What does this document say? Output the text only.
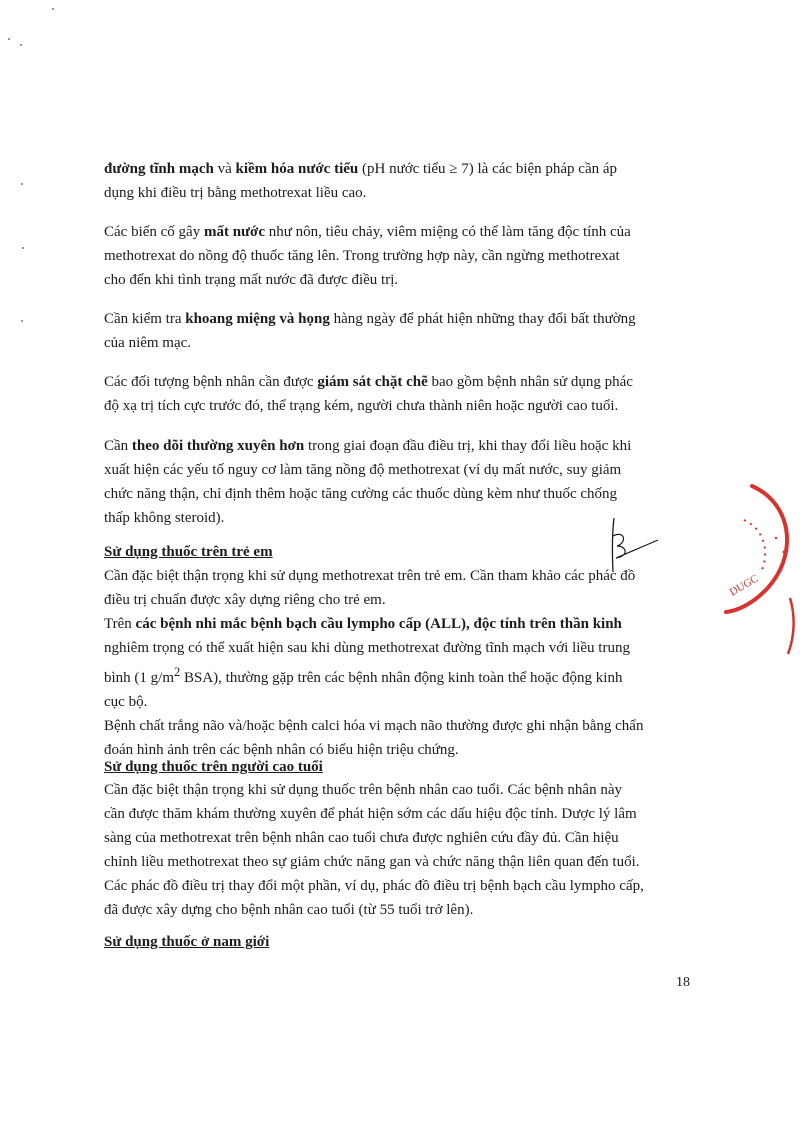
đường tĩnh mạch và kiềm hóa nước tiểu (pH nước tiểu ≥ 7) là các biện pháp cần áp
dụng khi điều trị bằng methotrexat liều cao.
Các biến cố gây mất nước như nôn, tiêu chảy, viêm miệng có thể làm tăng độc tính của
methotrexat do nồng độ thuốc tăng lên. Trong trường hợp này, cần ngừng methotrexat
cho đến khi tình trạng mất nước đã được điều trị.
Cần kiểm tra khoang miệng và họng hàng ngày để phát hiện những thay đổi bất thường
của niêm mạc.
Các đối tượng bệnh nhân cần được giám sát chặt chẽ bao gồm bệnh nhân sử dụng phác
độ xạ trị tích cực trước đó, thể trạng kém, người chưa thành niên hoặc người cao tuổi.
Cần theo dõi thường xuyên hơn trong giai đoạn đầu điều trị, khi thay đổi liều hoặc khi
xuất hiện các yếu tố nguy cơ làm tăng nồng độ methotrexat (ví dụ mất nước, suy giảm
chức năng thận, chỉ định thêm hoặc tăng cường các thuốc dùng kèm như thuốc chống
thấp không steroid).
Sử dụng thuốc trên trẻ em
Cần đặc biệt thận trọng khi sử dụng methotrexat trên trẻ em. Cần tham khảo các phác đồ
điều trị chuẩn được xây dựng riêng cho trẻ em.
Trên các bệnh nhi mắc bệnh bạch cầu lympho cấp (ALL), độc tính trên thần kinh
nghiêm trọng có thể xuất hiện sau khi dùng methotrexat đường tĩnh mạch với liều trung
bình (1 $g/m^2$ BSA), thường gặp trên các bệnh nhân động kinh toàn thể hoặc động kinh
cục bộ.
Bệnh chất trắng não và/hoặc bệnh calci hóa vi mạch não thường được ghi nhận bằng chẩn
đoán hình ảnh trên các bệnh nhân có biểu hiện triệu chứng.
Sử dụng thuốc trên người cao tuổi
Cần đặc biệt thận trọng khi sử dụng thuốc trên bệnh nhân cao tuổi. Các bệnh nhân này
cần được thăm khám thường xuyên để phát hiện sớm các dấu hiệu độc tính. Dược lý lâm
sàng của methotrexat trên bệnh nhân cao tuổi chưa được nghiên cứu đầy đủ. Cần hiệu
chỉnh liều methotrexat theo sự giảm chức năng gan và chức năng thận liên quan đến tuổi.
Các phác đồ điều trị thay đổi một phần, ví dụ, phác đồ điều trị bệnh bạch cầu lympho cấp,
đã được xây dựng cho bệnh nhân cao tuổi (từ 55 tuổi trở lên).
Sử dụng thuốc ở nam giới
18
DUGC
